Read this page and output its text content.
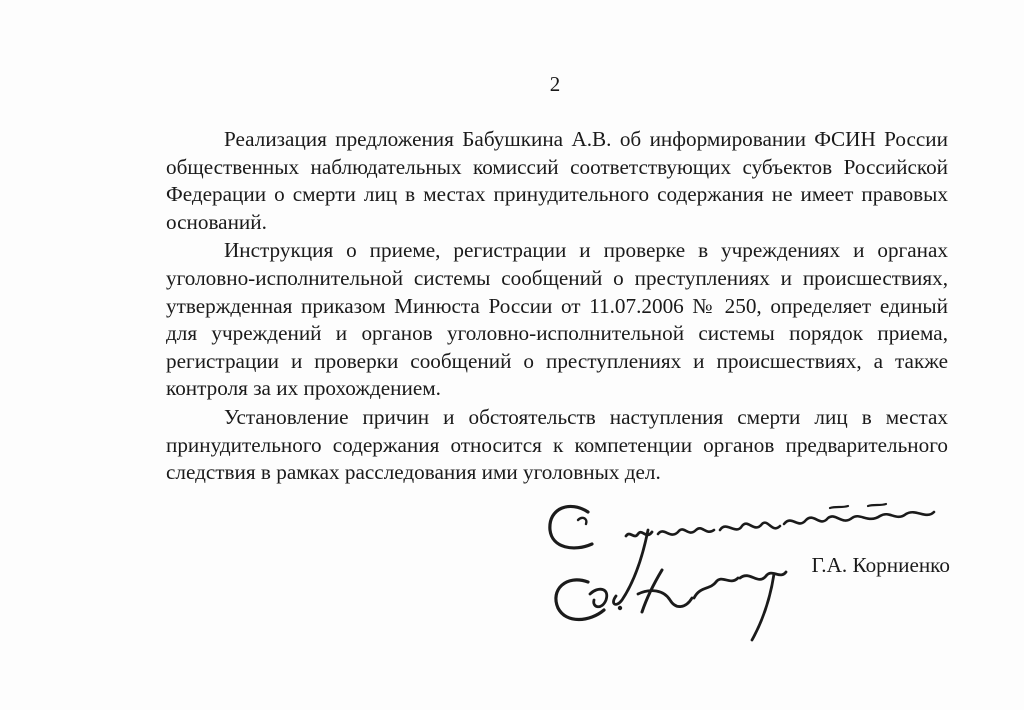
2

Реализация предложения Бабушкина А.В. об информировании ФСИН России общественных наблюдательных комиссий соответствующих субъектов Российской Федерации о смерти лиц в местах принудительного содержания не имеет правовых оснований.

Инструкция о приеме, регистрации и проверке в учреждениях и органах уголовно-исполнительной системы сообщений о преступлениях и происшествиях, утвержденная приказом Минюста России от 11.07.2006 № 250, определяет единый для учреждений и органов уголовно-исполнительной системы порядок приема, регистрации и проверки сообщений о преступлениях и происшествиях, а также контроля за их прохождением.

Установление причин и обстоятельств наступления смерти лиц в местах принудительного содержания относится к компетенции органов предварительного следствия в рамках расследования ими уголовных дел.

Г.А. Корниенко
